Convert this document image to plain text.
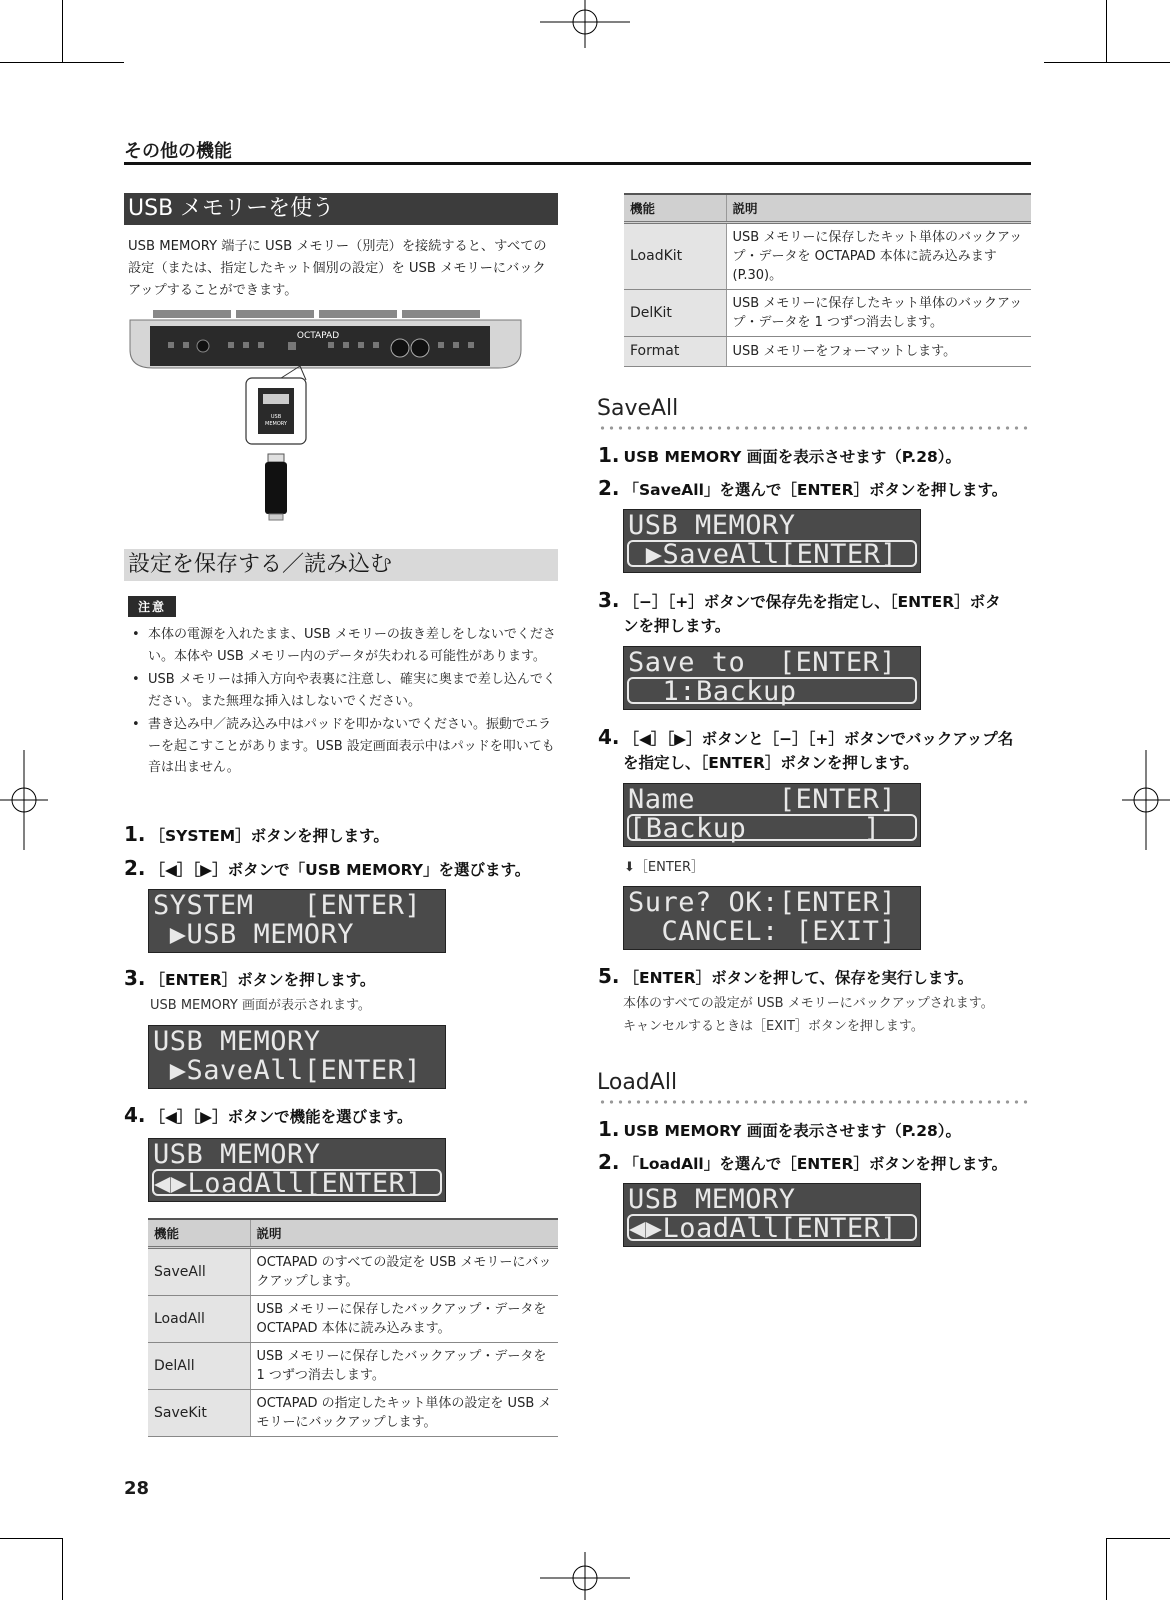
その他の機能
USB メモリーを使う
USB MEMORY 端子に USB メモリー（別売）を接続すると、すべての設定（または、指定したキット個別の設定）を USB メモリーにバックアップすることができます。
OCTAPAD
USB
MEMORY
設定を保存する／読み込む
注意
• 本体の電源を入れたまま、USB メモリーの抜き差しをしないでください。本体や USB メモリー内のデータが失われる可能性があります。
• USB メモリーは挿入方向や表裏に注意し、確実に奥まで差し込んでください。また無理な挿入はしないでください。
• 書き込み中／読み込み中はパッドを叩かないでください。振動でエラーを起こすことがあります。USB 設定画面表示中はパッドを叩いても音は出ません。
1. ［SYSTEM］ボタンを押します。
2. ［◀］［▶］ボタンで「USB MEMORY」を選びます。
SYSTEM   [ENTER]
▶USB MEMORY
3. ［ENTER］ボタンを押します。
USB MEMORY 画面が表示されます。
USB MEMORY
▶SaveAll[ENTER]
4. ［◀］［▶］ボタンで機能を選びます。
USB MEMORY
◀▶LoadAll[ENTER]
機能	説明
SaveAll	OCTAPAD のすべての設定を USB メモリーにバックアップします。
LoadAll	USB メモリーに保存したバックアップ・データを OCTAPAD 本体に読み込みます。
DelAll	USB メモリーに保存したバックアップ・データを 1 つずつ消去します。
SaveKit	OCTAPAD の指定したキット単体の設定を USB メモリーにバックアップします。
28
機能	説明
LoadKit	USB メモリーに保存したキット単体のバックアップ・データを OCTAPAD 本体に読み込みます (P.30)。
DelKit	USB メモリーに保存したキット単体のバックアップ・データを 1 つずつ消去します。
Format	USB メモリーをフォーマットします。
SaveAll
1. USB MEMORY 画面を表示させます（P.28）。
2. 「SaveAll」を選んで［ENTER］ボタンを押します。
USB MEMORY
▶SaveAll[ENTER]
3. ［−］［+］ボタンで保存先を指定し、［ENTER］ボタ
ンを押します。
Save to  [ENTER]
1:Backup
4. ［◀］［▶］ボタンと［−］［+］ボタンでバックアップ名
を指定し、［ENTER］ボタンを押します。
Name     [ENTER]
[Backup       ]
⬇［ENTER］
Sure? OK:[ENTER]
CANCEL: [EXIT]
5. ［ENTER］ボタンを押して、保存を実行します。
本体のすべての設定が USB メモリーにバックアップされます。
キャンセルするときは［EXIT］ボタンを押します。
LoadAll
1. USB MEMORY 画面を表示させます（P.28）。
2. 「LoadAll」を選んで［ENTER］ボタンを押します。
USB MEMORY
◀▶LoadAll[ENTER]
